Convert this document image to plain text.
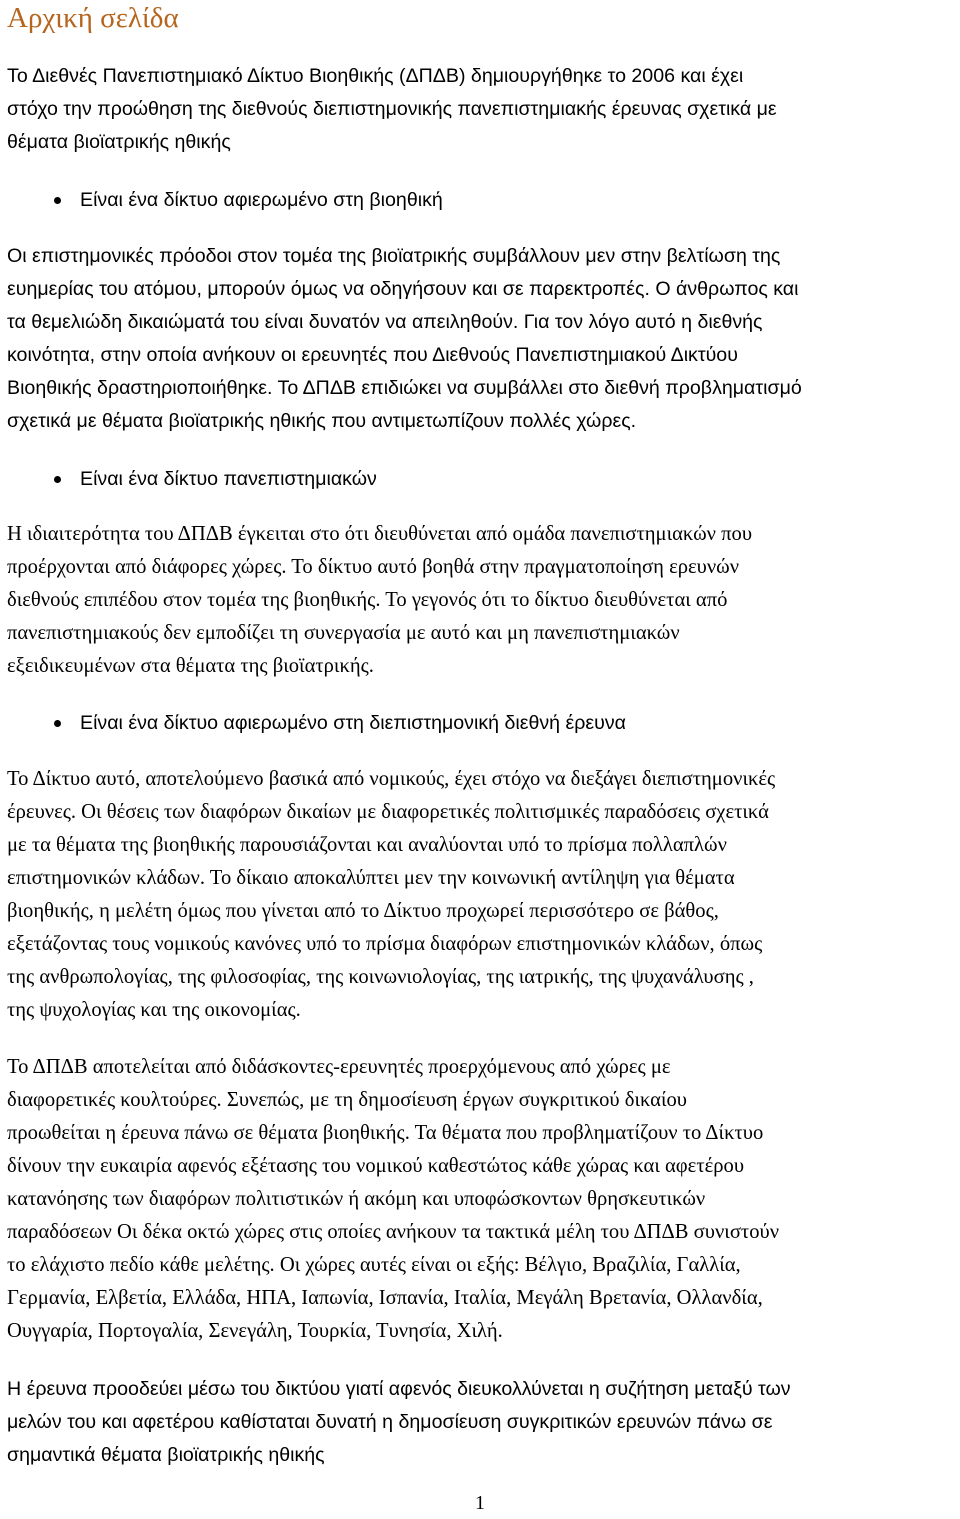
Αρχική σελίδα

Το Διεθνές Πανεπιστημιακό Δίκτυο Βιοηθικής (ΔΠΔΒ) δημιουργήθηκε το 2006 και έχει
στόχο την προώθηση της διεθνούς διεπιστημονικής πανεπιστημιακής έρευνας σχετικά με
θέματα βιοϊατρικής ηθικής

Είναι ένα δίκτυο αφιερωμένο στη βιοηθική

Οι επιστημονικές πρόοδοι στον τομέα της βιοϊατρικής συμβάλλουν μεν στην βελτίωση της
ευημερίας του ατόμου, μπορούν όμως να οδηγήσουν και σε παρεκτροπές. Ο άνθρωπος και
τα θεμελιώδη δικαιώματά του είναι δυνατόν να απειληθούν. Για τον λόγο αυτό η διεθνής
κοινότητα, στην οποία ανήκουν οι ερευνητές που Διεθνούς Πανεπιστημιακού Δικτύου
Βιοηθικής δραστηριοποιήθηκε. Το ΔΠΔΒ επιδιώκει να συμβάλλει στο διεθνή προβληματισμό
σχετικά με θέματα βιοϊατρικής ηθικής που αντιμετωπίζουν πολλές χώρες.

Είναι ένα δίκτυο πανεπιστημιακών

Η ιδιαιτερότητα του ΔΠΔΒ έγκειται στο ότι διευθύνεται από ομάδα πανεπιστημιακών που
προέρχονται από διάφορες χώρες. Το δίκτυο αυτό βοηθά στην πραγματοποίηση ερευνών
διεθνούς επιπέδου στον τομέα της βιοηθικής. Το γεγονός ότι το δίκτυο διευθύνεται από
πανεπιστημιακούς δεν εμποδίζει τη συνεργασία με αυτό και μη πανεπιστημιακών
εξειδικευμένων στα θέματα της βιοϊατρικής.

Είναι ένα δίκτυο αφιερωμένο στη διεπιστημονική διεθνή έρευνα

Το Δίκτυο αυτό, αποτελούμενο βασικά από νομικούς, έχει στόχο να διεξάγει διεπιστημονικές
έρευνες. Οι θέσεις των διαφόρων δικαίων με διαφορετικές πολιτισμικές παραδόσεις σχετικά
με τα θέματα της βιοηθικής παρουσιάζονται και αναλύονται υπό το πρίσμα πολλαπλών
επιστημονικών κλάδων. Το δίκαιο αποκαλύπτει μεν την κοινωνική αντίληψη για θέματα
βιοηθικής, η μελέτη όμως που γίνεται από το Δίκτυο προχωρεί περισσότερο σε βάθος,
εξετάζοντας τους νομικούς κανόνες υπό το πρίσμα διαφόρων επιστημονικών κλάδων, όπως
της ανθρωπολογίας, της φιλοσοφίας, της κοινωνιολογίας, της ιατρικής, της ψυχανάλυσης ,
της ψυχολογίας και της οικονομίας.

Το ΔΠΔΒ αποτελείται από διδάσκοντες-ερευνητές προερχόμενους από χώρες με
διαφορετικές κουλτούρες. Συνεπώς, με τη δημοσίευση έργων συγκριτικού δικαίου
προωθείται η έρευνα πάνω σε θέματα βιοηθικής. Τα θέματα που προβληματίζουν το Δίκτυο
δίνουν την ευκαιρία αφενός εξέτασης του νομικού καθεστώτος κάθε χώρας και αφετέρου
κατανόησης των διαφόρων πολιτιστικών ή ακόμη και υποφώσκοντων θρησκευτικών
παραδόσεων Οι δέκα οκτώ χώρες στις οποίες ανήκουν τα τακτικά μέλη του ΔΠΔΒ συνιστούν
το ελάχιστο πεδίο κάθε μελέτης. Οι χώρες αυτές είναι οι εξής: Βέλγιο, Βραζιλία, Γαλλία,
Γερμανία, Ελβετία, Ελλάδα, ΗΠΑ, Ιαπωνία, Ισπανία, Ιταλία, Μεγάλη Βρετανία, Ολλανδία,
Ουγγαρία, Πορτογαλία, Σενεγάλη, Τουρκία, Τυνησία, Χιλή.

Η έρευνα προοδεύει μέσω του δικτύου γιατί αφενός διευκολλύνεται η συζήτηση μεταξύ των
μελών του και αφετέρου καθίσταται δυνατή η δημοσίευση συγκριτικών ερευνών πάνω σε
σημαντικά θέματα βιοϊατρικής ηθικής

1
